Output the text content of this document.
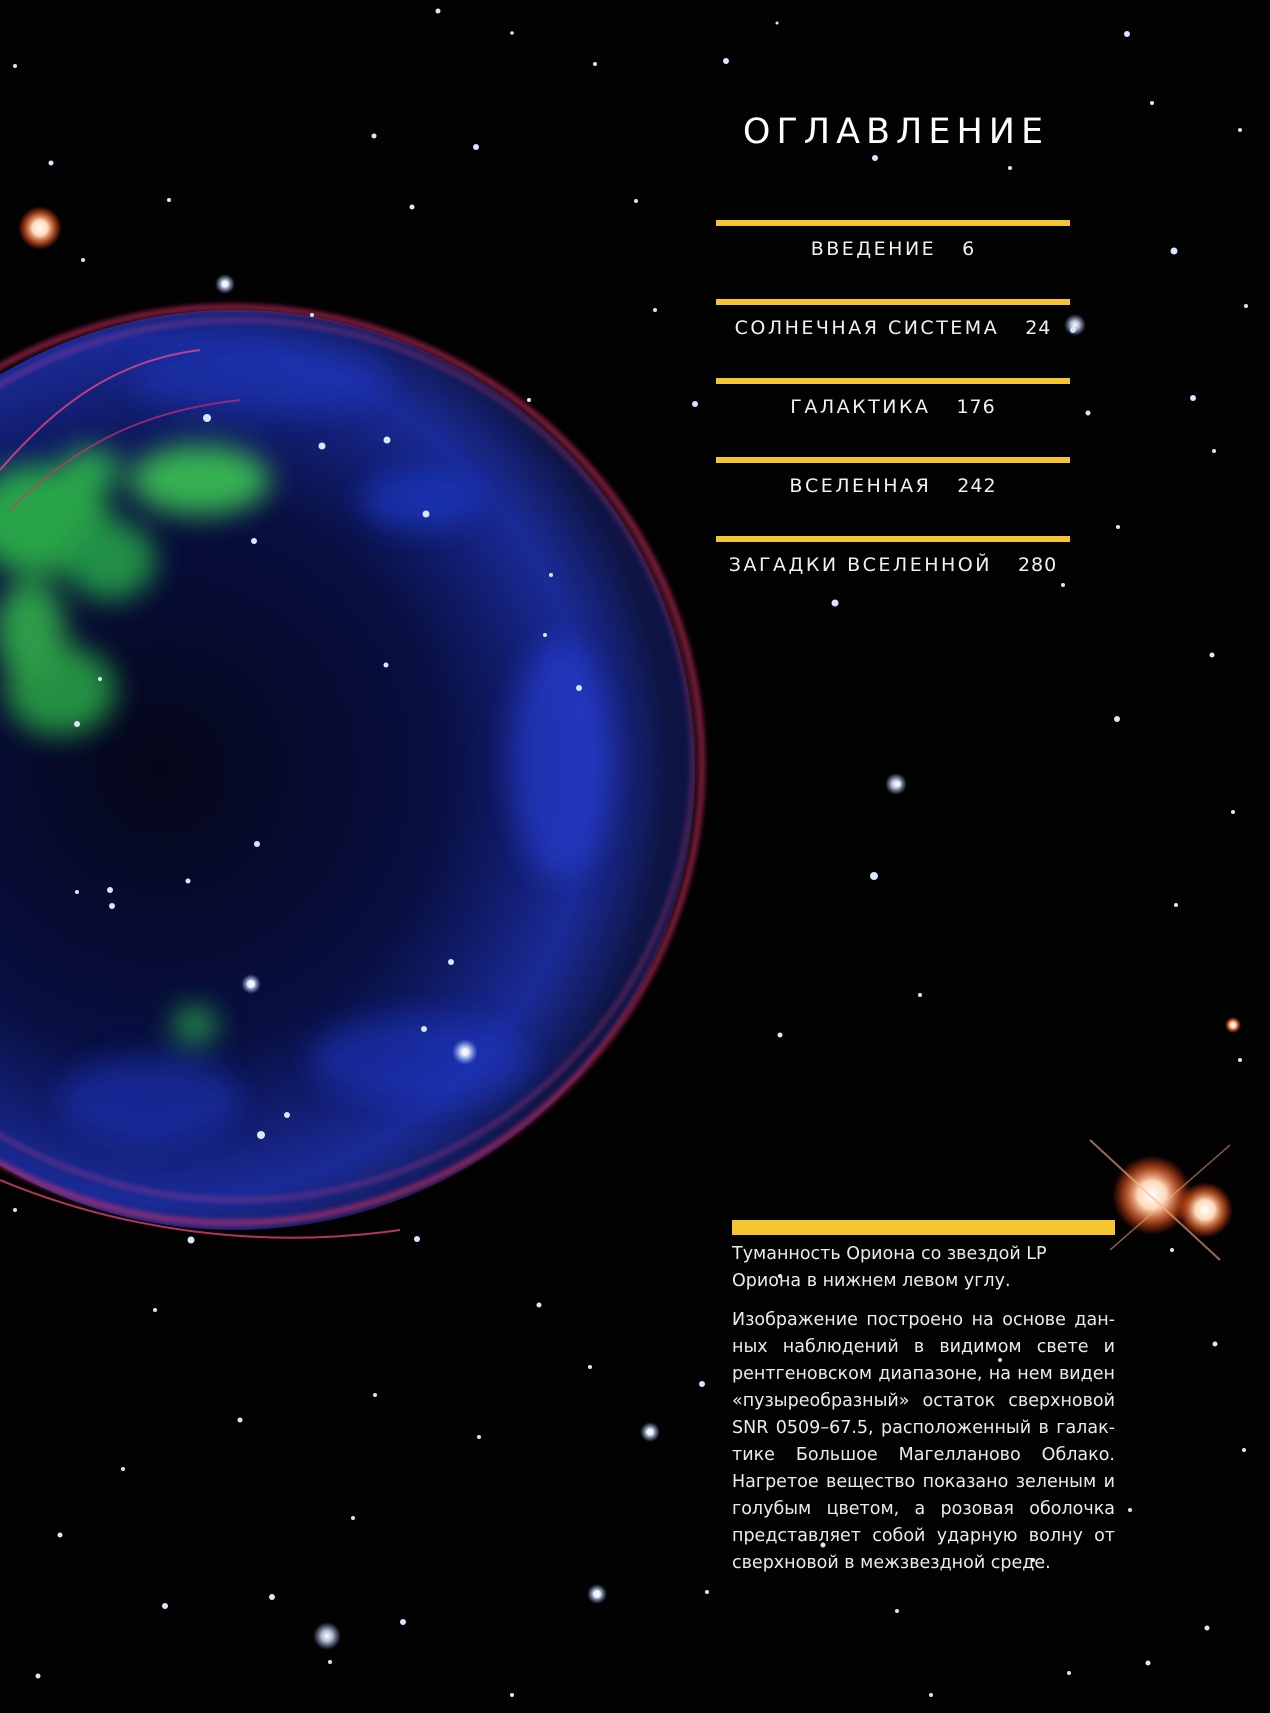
ОГЛАВЛЕНИЕ
ВВЕДЕНИЕ 6
СОЛНЕЧНАЯ СИСТЕМА 24
ГАЛАКТИКА 176
ВСЕЛЕННАЯ 242
ЗАГАДКИ ВСЕЛЕННОЙ 280

Туманность Ориона со звездой LP Ориона в нижнем левом углу.

Изображение построено на основе данных наблюдений в видимом свете и рентгеновском диапазоне, на нем виден «пузыреобразный» остаток сверхновой SNR 0509–67.5, расположенный в галактике Большое Магелланово Облако. Нагретое вещество показано зеленым и голубым цветом, а розовая оболочка представляет собой ударную волну от сверхновой в межзвездной среде.
